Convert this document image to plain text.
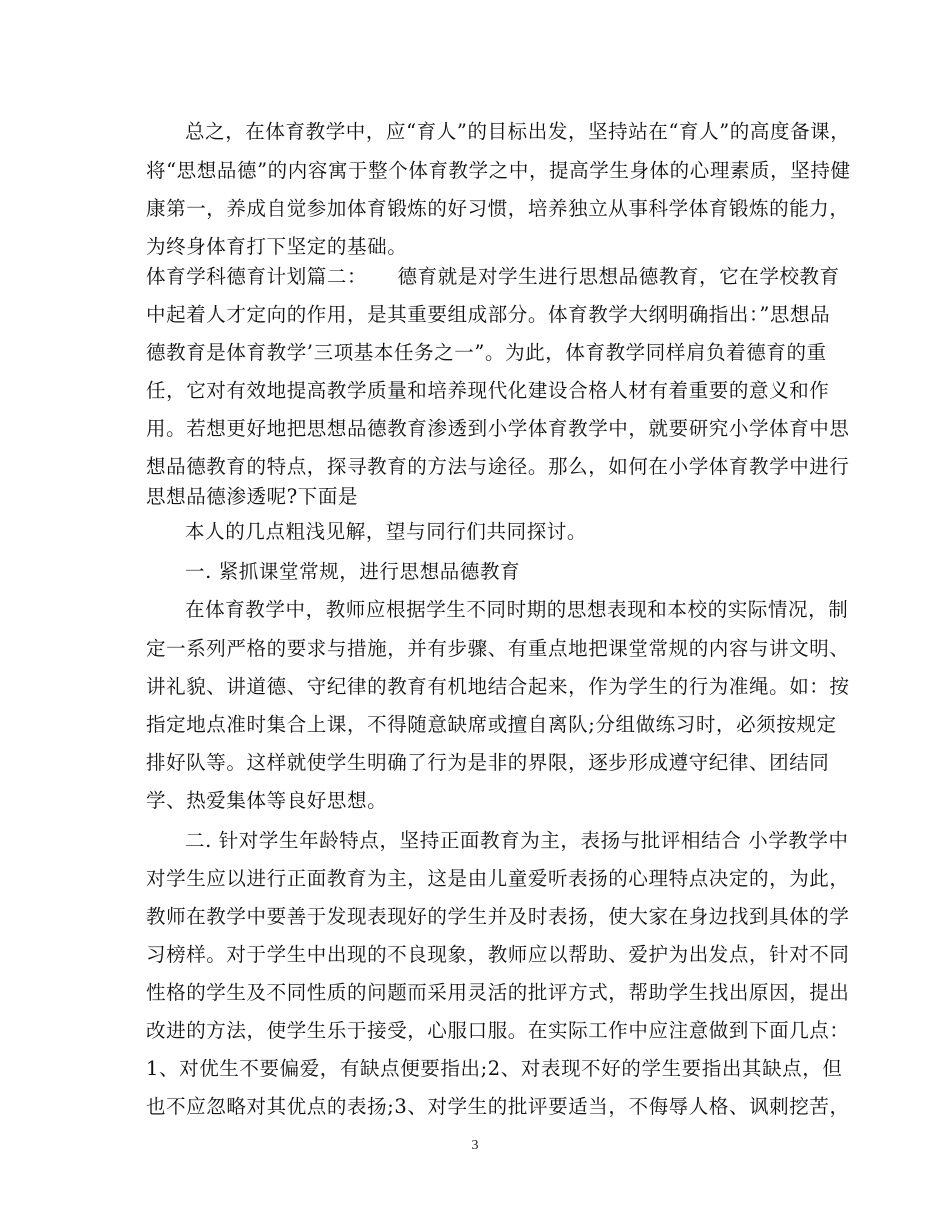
总之，在体育教学中，应“育人”的目标出发，坚持站在“育人”的高度备课，
将“思想品德”的内容寓于整个体育教学之中，提高学生身体的心理素质，坚持健
康第一，养成自觉参加体育锻炼的好习惯，培养独立从事科学体育锻炼的能力，
为终身体育打下坚定的基础。
体育学科德育计划篇二：　　德育就是对学生进行思想品德教育，它在学校教育
中起着人才定向的作用，是其重要组成部分。体育教学大纲明确指出：”思想品
德教育是体育教学’三项基本任务之一”。为此，体育教学同样肩负着德育的重
任，它对有效地提高教学质量和培养现代化建设合格人材有着重要的意义和作
用。若想更好地把思想品德教育渗透到小学体育教学中，就要研究小学体育中思
想品德教育的特点，探寻教育的方法与途径。那么，如何在小学体育教学中进行
思想品德渗透呢?下面是
本人的几点粗浅见解，望与同行们共同探讨。
一. 紧抓课堂常规，进行思想品德教育
在体育教学中，教师应根据学生不同时期的思想表现和本校的实际情况，制
定一系列严格的要求与措施，并有步骤、有重点地把课堂常规的内容与讲文明、
讲礼貌、讲道德、守纪律的教育有机地结合起来，作为学生的行为准绳。如：按
指定地点准时集合上课，不得随意缺席或擅自离队;分组做练习时，必须按规定
排好队等。这样就使学生明确了行为是非的界限，逐步形成遵守纪律、团结同
学、热爱集体等良好思想。
二. 针对学生年龄特点，坚持正面教育为主，表扬与批评相结合 小学教学中
对学生应以进行正面教育为主，这是由儿童爱听表扬的心理特点决定的，为此，
教师在教学中要善于发现表现好的学生并及时表扬，使大家在身边找到具体的学
习榜样。对于学生中出现的不良现象，教师应以帮助、爱护为出发点，针对不同
性格的学生及不同性质的问题而采用灵活的批评方式，帮助学生找出原因，提出
改进的方法，使学生乐于接受，心服口服。在实际工作中应注意做到下面几点：
1、对优生不要偏爱，有缺点便要指出;2、对表现不好的学生要指出其缺点，但
也不应忽略对其优点的表扬;3、对学生的批评要适当，不侮辱人格、讽刺挖苦，
3
